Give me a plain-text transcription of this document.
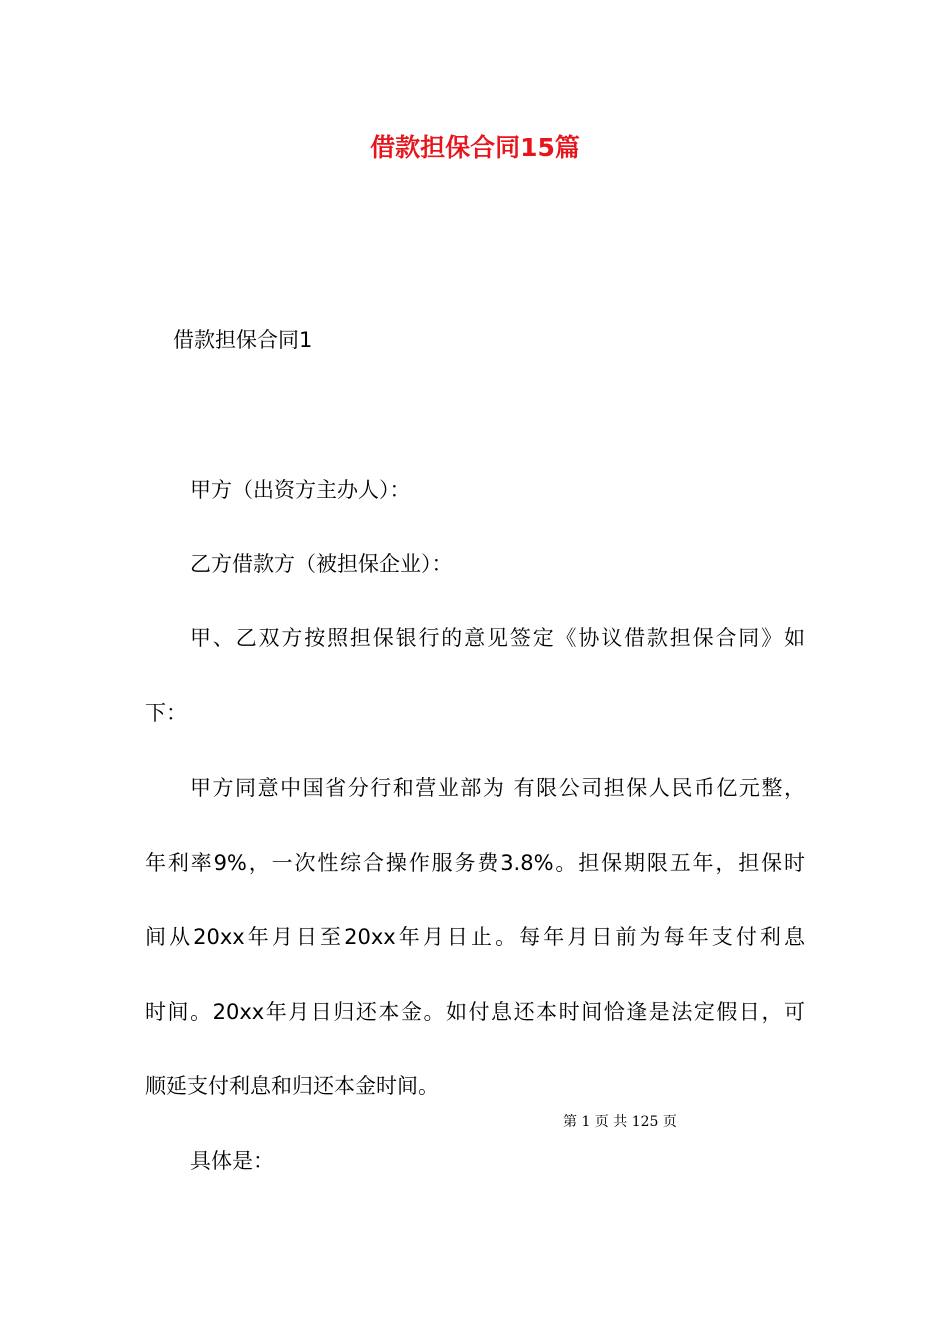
借款担保合同15篇
借款担保合同1
甲方（出资方主办人）：
乙方借款方（被担保企业）：
甲、乙双方按照担保银行的意见签定《协议借款担保合同》如
下：
甲方同意中国省分行和营业部为 有限公司担保人民币亿元整，
年利率9%，一次性综合操作服务费3.8%。担保期限五年，担保时
间从20xx年月日至20xx年月日止。每年月日前为每年支付利息
时间。20xx年月日归还本金。如付息还本时间恰逢是法定假日，可
顺延支付利息和归还本金时间。
第 1 页 共 125 页
具体是：
